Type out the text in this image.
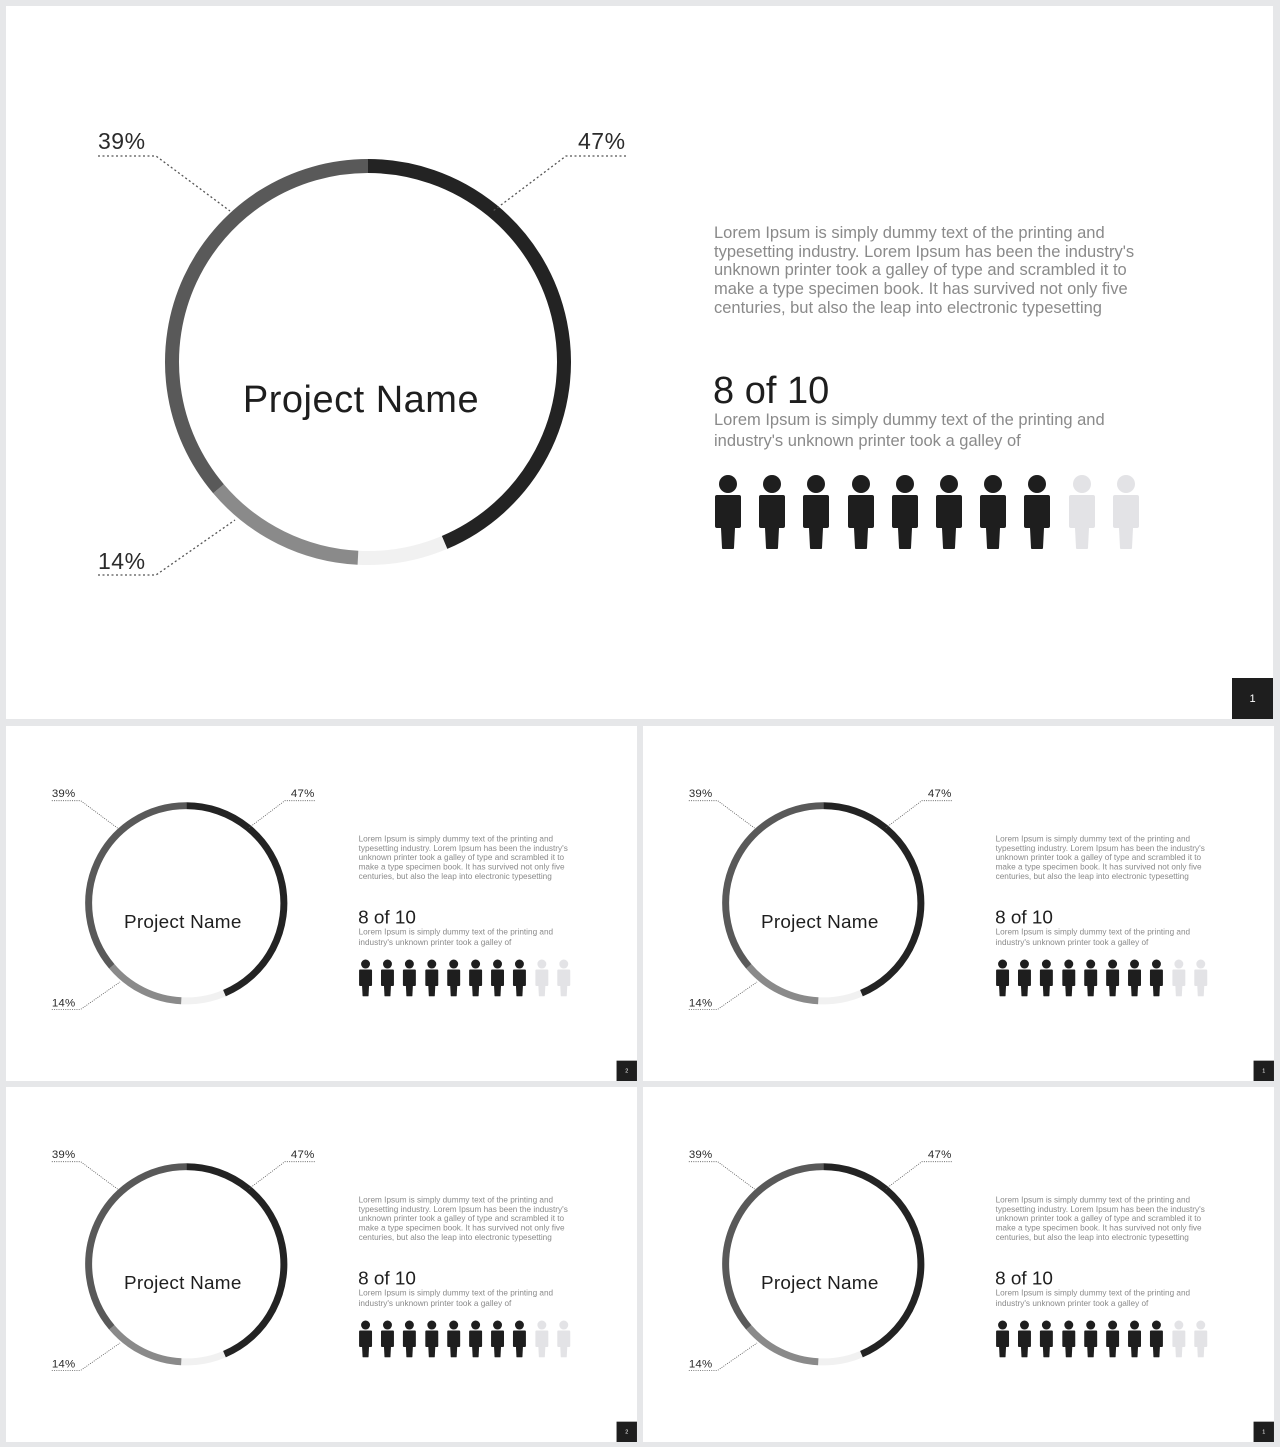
39%	47%
14%
Project Name
Lorem Ipsum is simply dummy text of the printing and typesetting industry. Lorem Ipsum has been the industry's unknown printer took a galley of type and scrambled it to make a type specimen book. It has survived not only five centuries, but also the leap into electronic typesetting
8 of 10
Lorem Ipsum is simply dummy text of the printing and industry's unknown printer took a galley of
1
39%	47%
14%
Project Name
Lorem Ipsum is simply dummy text of the printing and typesetting industry. Lorem Ipsum has been the industry's unknown printer took a galley of type and scrambled it to make a type specimen book. It has survived not only five centuries, but also the leap into electronic typesetting
8 of 10
Lorem Ipsum is simply dummy text of the printing and industry's unknown printer took a galley of
2
39%	47%
14%
Project Name
Lorem Ipsum is simply dummy text of the printing and typesetting industry. Lorem Ipsum has been the industry's unknown printer took a galley of type and scrambled it to make a type specimen book. It has survived not only five centuries, but also the leap into electronic typesetting
8 of 10
Lorem Ipsum is simply dummy text of the printing and industry's unknown printer took a galley of
1
39%	47%
14%
Project Name
Lorem Ipsum is simply dummy text of the printing and typesetting industry. Lorem Ipsum has been the industry's unknown printer took a galley of type and scrambled it to make a type specimen book. It has survived not only five centuries, but also the leap into electronic typesetting
8 of 10
Lorem Ipsum is simply dummy text of the printing and industry's unknown printer took a galley of
2
39%	47%
14%
Project Name
Lorem Ipsum is simply dummy text of the printing and typesetting industry. Lorem Ipsum has been the industry's unknown printer took a galley of type and scrambled it to make a type specimen book. It has survived not only five centuries, but also the leap into electronic typesetting
8 of 10
Lorem Ipsum is simply dummy text of the printing and industry's unknown printer took a galley of
1
